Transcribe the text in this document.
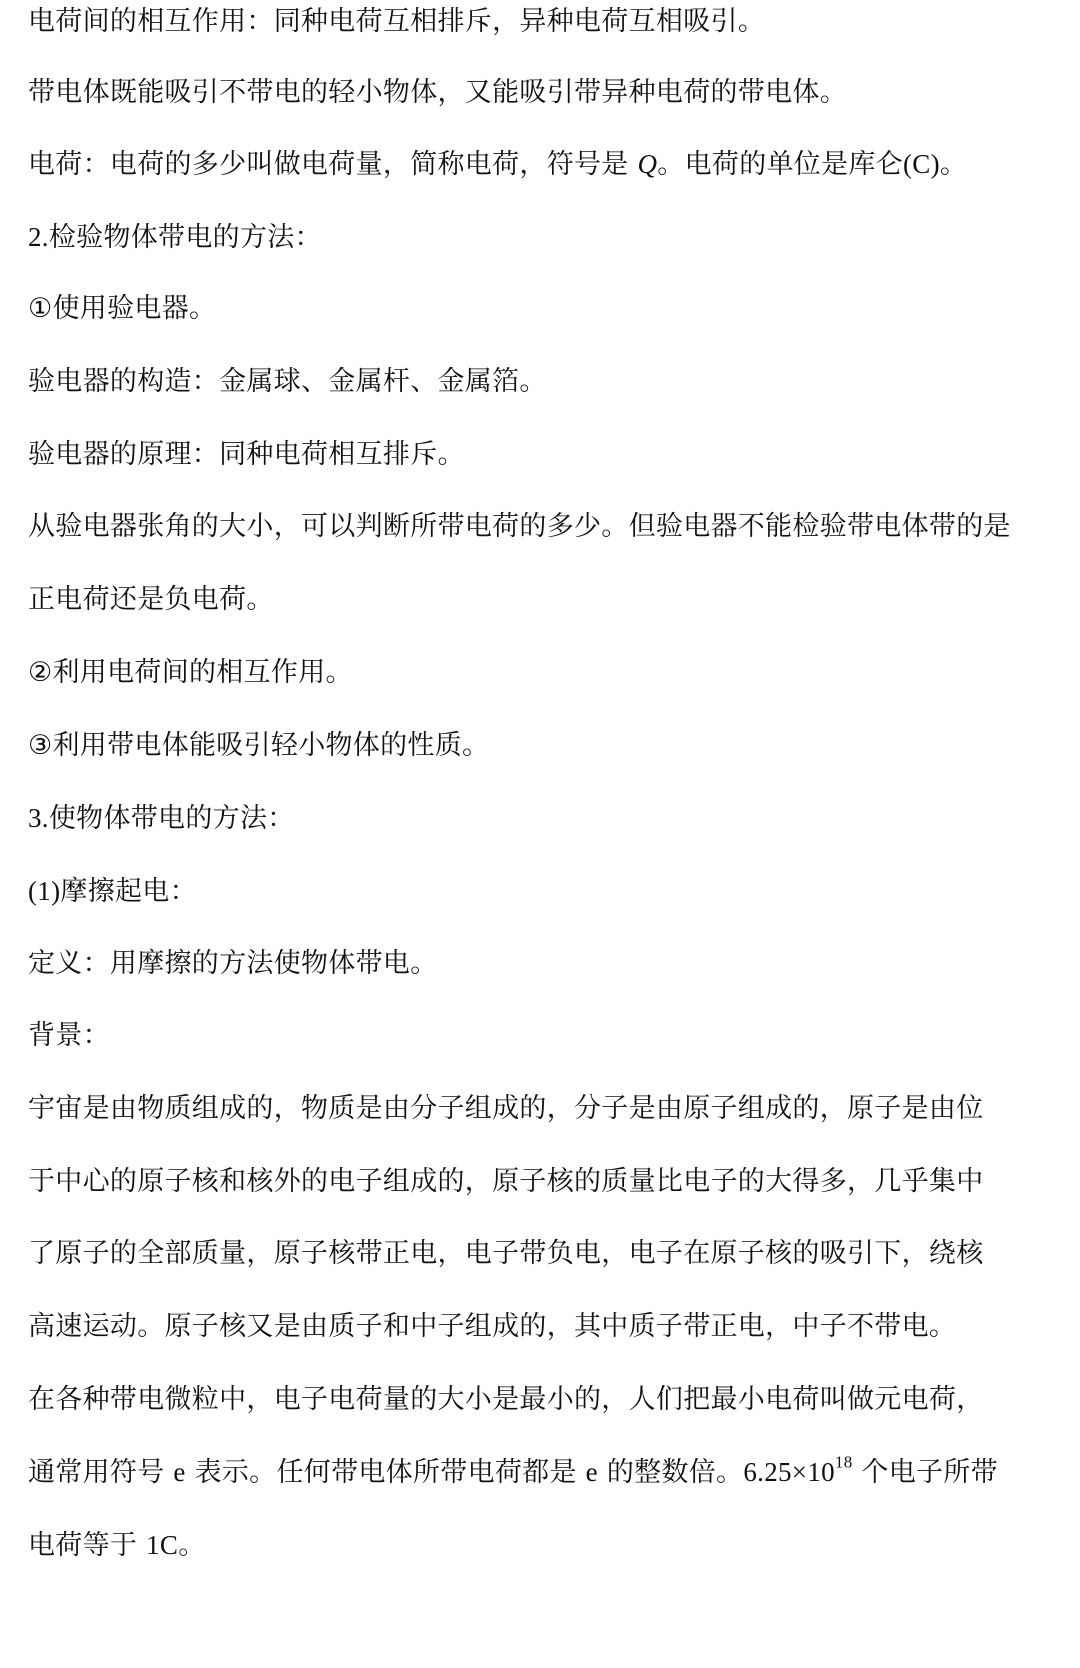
电荷间的相互作用：同种电荷互相排斥，异种电荷互相吸引。
带电体既能吸引不带电的轻小物体，又能吸引带异种电荷的带电体。
电荷：电荷的多少叫做电荷量，简称电荷，符号是 Q。电荷的单位是库仑(C)。
2.检验物体带电的方法：
①使用验电器。
验电器的构造：金属球、金属杆、金属箔。
验电器的原理：同种电荷相互排斥。
从验电器张角的大小，可以判断所带电荷的多少。但验电器不能检验带电体带的是
正电荷还是负电荷。
②利用电荷间的相互作用。
③利用带电体能吸引轻小物体的性质。
3.使物体带电的方法：
(1)摩擦起电：
定义：用摩擦的方法使物体带电。
背景：
宇宙是由物质组成的，物质是由分子组成的，分子是由原子组成的，原子是由位
于中心的原子核和核外的电子组成的，原子核的质量比电子的大得多，几乎集中
了原子的全部质量，原子核带正电，电子带负电，电子在原子核的吸引下，绕核
高速运动。原子核又是由质子和中子组成的，其中质子带正电，中子不带电。
在各种带电微粒中，电子电荷量的大小是最小的，人们把最小电荷叫做元电荷，
通常用符号 e 表示。任何带电体所带电荷都是 e 的整数倍。$6.25\times 10^{18}$ 个电子所带
电荷等于 1C。
